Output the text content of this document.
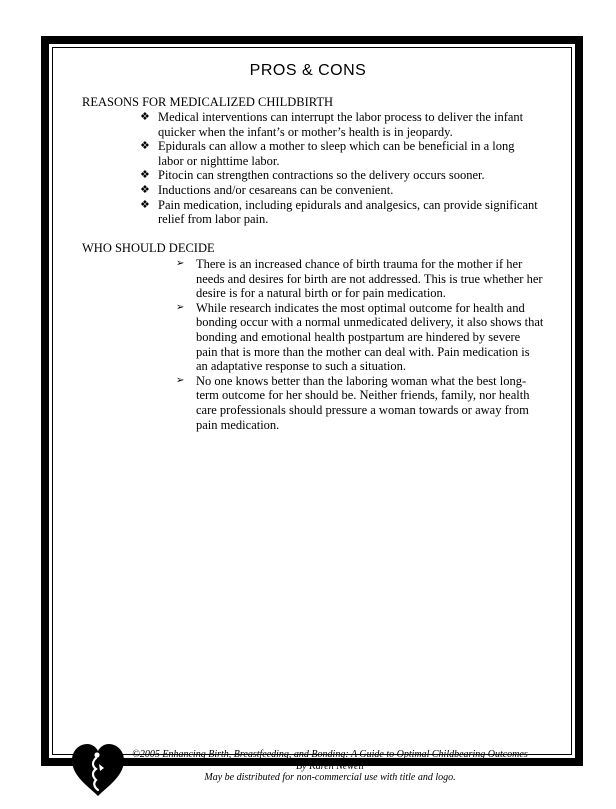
PROS & CONS
REASONS FOR MEDICALIZED CHILDBIRTH
❖ Medical interventions can interrupt the labor process to deliver the infant quicker when the infant’s or mother’s health is in jeopardy.
❖ Epidurals can allow a mother to sleep which can be beneficial in a long labor or nighttime labor.
❖ Pitocin can strengthen contractions so the delivery occurs sooner.
❖ Inductions and/or cesareans can be convenient.
❖ Pain medication, including epidurals and analgesics, can provide significant relief from labor pain.
WHO SHOULD DECIDE
➢ There is an increased chance of birth trauma for the mother if her needs and desires for birth are not addressed. This is true whether her desire is for a natural birth or for pain medication.
➢ While research indicates the most optimal outcome for health and bonding occur with a normal unmedicated delivery, it also shows that bonding and emotional health postpartum are hindered by severe pain that is more than the mother can deal with. Pain medication is an adaptative response to such a situation.
➢ No one knows better than the laboring woman what the best long-term outcome for her should be. Neither friends, family, nor health care professionals should pressure a woman towards or away from pain medication.
©2005 Enhancing Birth, Breastfeeding, and Bonding: A Guide to Optimal Childbearing Outcomes
By Karen Newell
May be distributed for non-commercial use with title and logo.
